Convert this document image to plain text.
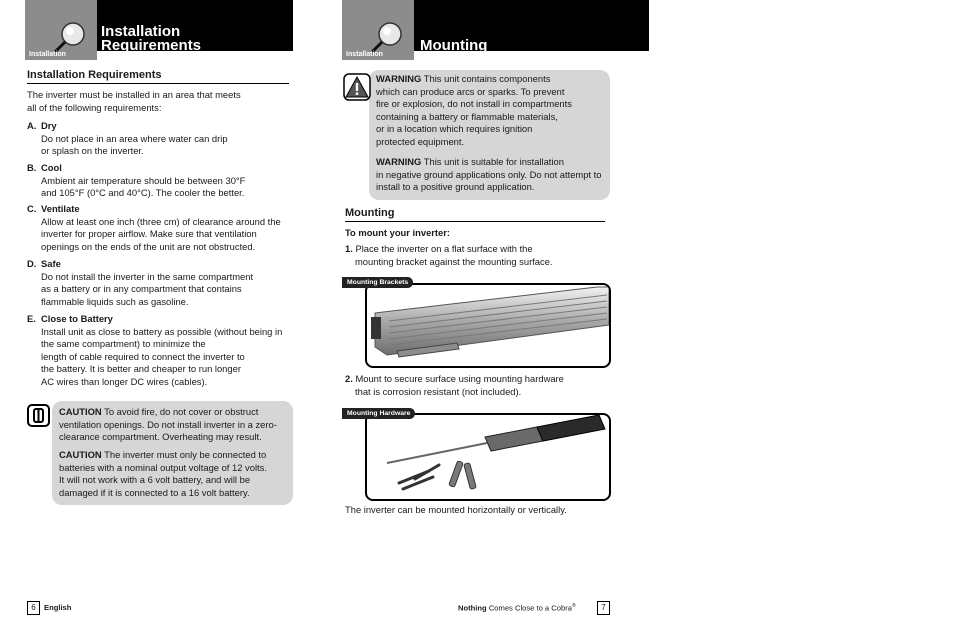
Installation
Installation
Requirements
Installation Requirements
The inverter must be installed in an area that meets
all of the following requirements:
A. Dry
Do not place in an area where water can drip
or splash on the inverter.
B. Cool
Ambient air temperature should be between 30°F
and 105°F (0°C and 40°C). The cooler the better.
C. Ventilate
Allow at least one inch (three cm) of clearance around the
inverter for proper airflow. Make sure that ventilation
openings on the ends of the unit are not obstructed.
D. Safe
Do not install the inverter in the same compartment
as a battery or in any compartment that contains
flammable liquids such as gasoline.
E. Close to Battery
Install unit as close to battery as possible (without being in
the same compartment) to minimize the
length of cable required to connect the inverter to
the battery. It is better and cheaper to run longer
AC wires than longer DC wires (cables).
CAUTION To avoid fire, do not cover or obstruct
ventilation openings. Do not install inverter in a zero-
clearance compartment. Overheating may result.
CAUTION The inverter must only be connected to
batteries with a nominal output voltage of 12 volts.
It will not work with a 6 volt battery, and will be
damaged if it is connected to a 16 volt battery.
6	English
Installation
Mounting
WARNING This unit contains components
which can produce arcs or sparks. To prevent
fire or explosion, do not install in compartments
containing a battery or flammable materials,
or in a location which requires ignition
protected equipment.
WARNING This unit is suitable for installation
in negative ground applications only. Do not attempt to
install to a positive ground application.
Mounting
To mount your inverter:
1. Place the inverter on a flat surface with the
mounting bracket against the mounting surface.
Mounting Brackets
2. Mount to secure surface using mounting hardware
that is corrosion resistant (not included).
Mounting Hardware
The inverter can be mounted horizontally or vertically.
Nothing Comes Close to a Cobra®	7
